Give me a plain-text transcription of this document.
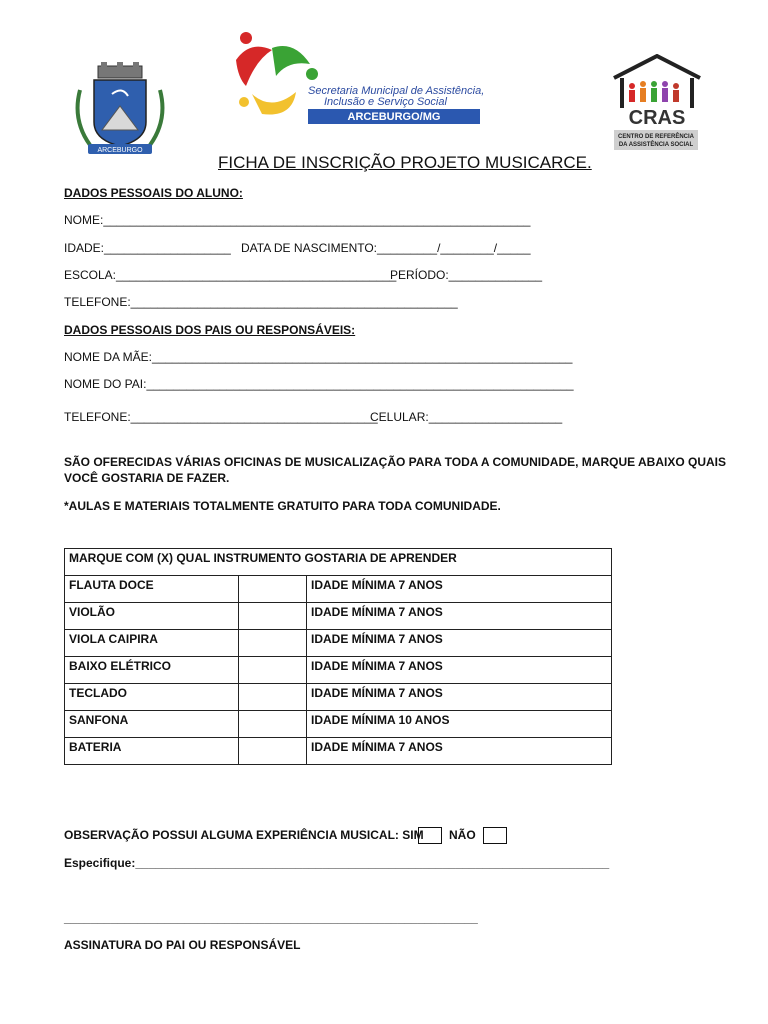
ARCEBURGO
Secretaria Municipal de Assistência,
Inclusão e Serviço Social
ARCEBURGO/MG	CRAS
CENTRO DE REFERÊNCIA
DA ASSISTÊNCIA SOCIAL
FICHA DE INSCRIÇÃO PROJETO MUSICARCE.
DADOS PESSOAIS DO ALUNO:
NOME:________________________________________________________________
IDADE:___________________ DATA DE NASCIMENTO:_________/________/_____
ESCOLA:__________________________________________
PERÍODO:______________
TELEFONE:_________________________________________________
DADOS PESSOAIS DOS PAIS OU RESPONSÁVEIS:
NOME DA MÃE:_______________________________________________________________
NOME DO PAI:________________________________________________________________
TELEFONE:_____________________________________
CELULAR:____________________
SÃO OFERECIDAS VÁRIAS OFICINAS DE MUSICALIZAÇÃO PARA TODA A COMUNIDADE, MARQUE ABAIXO QUAIS
VOCÊ GOSTARIA DE FAZER.
*AULAS E MATERIAIS TOTALMENTE GRATUITO PARA TODA COMUNIDADE.
MARQUE COM (X) QUAL INSTRUMENTO GOSTARIA DE APRENDER		
FLAUTA DOCE		IDADE MÍNIMA 7 ANOS
VIOLÃO		IDADE MÍNIMA 7 ANOS
VIOLA CAIPIRA		IDADE MÍNIMA 7 ANOS
BAIXO ELÉTRICO		IDADE MÍNIMA 7 ANOS
TECLADO		IDADE MÍNIMA 7 ANOS
SANFONA		IDADE MÍNIMA 10 ANOS
BATERIA		IDADE MÍNIMA 7 ANOS
OBSERVAÇÃO POSSUI ALGUMA EXPERIÊNCIA MUSICAL: SIM NÃO
Especifique:_______________________________________________________________________
______________________________________________________________
ASSINATURA DO PAI OU RESPONSÁVEL
